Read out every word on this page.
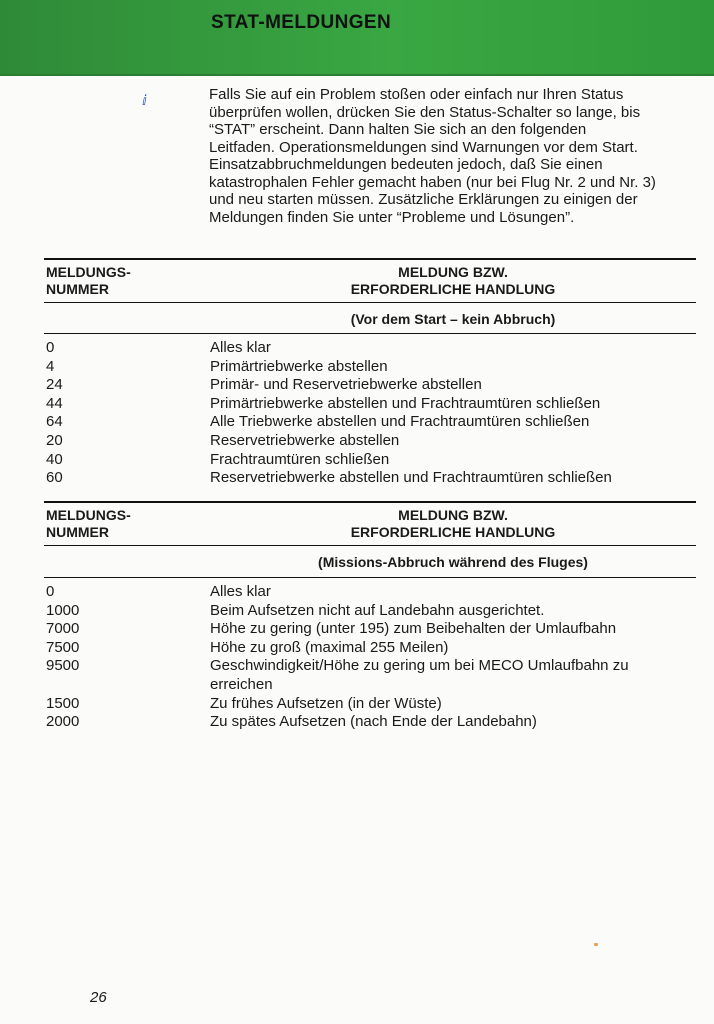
STAT-MELDUNGEN
ⅈ	Falls Sie auf ein Problem stoßen oder einfach nur Ihren Status
überprüfen wollen, drücken Sie den Status-Schalter so lange, bis
“STAT” erscheint. Dann halten Sie sich an den folgenden
Leitfaden. Operationsmeldungen sind Warnungen vor dem Start.
Einsatzabbruchmeldungen bedeuten jedoch, daß Sie einen
katastrophalen Fehler gemacht haben (nur bei Flug Nr. 2 und Nr. 3)
und neu starten müssen. Zusätzliche Erklärungen zu einigen der
Meldungen finden Sie unter “Probleme und Lösungen”.
MELDUNGS-
NUMMER
MELDUNG BZW.
ERFORDERLICHE HANDLUNG
(Vor dem Start – kein Abbruch)
0	Alles klar
4	Primärtriebwerke abstellen
24	Primär- und Reservetriebwerke abstellen
44	Primärtriebwerke abstellen und Frachtraumtüren schließen
64	Alle Triebwerke abstellen und Frachtraumtüren schließen
20	Reservetriebwerke abstellen
40	Frachtraumtüren schließen
60	Reservetriebwerke abstellen und Frachtraumtüren schließen
MELDUNGS-
NUMMER
MELDUNG BZW.
ERFORDERLICHE HANDLUNG
(Missions-Abbruch während des Fluges)
0	Alles klar
1000	Beim Aufsetzen nicht auf Landebahn ausgerichtet.
7000	Höhe zu gering (unter 195) zum Beibehalten der Umlaufbahn
7500	Höhe zu groß (maximal 255 Meilen)
9500	Geschwindigkeit/Höhe zu gering um bei MECO Umlaufbahn zu
erreichen
1500	Zu frühes Aufsetzen (in der Wüste)
2000	Zu spätes Aufsetzen (nach Ende der Landebahn)
26
